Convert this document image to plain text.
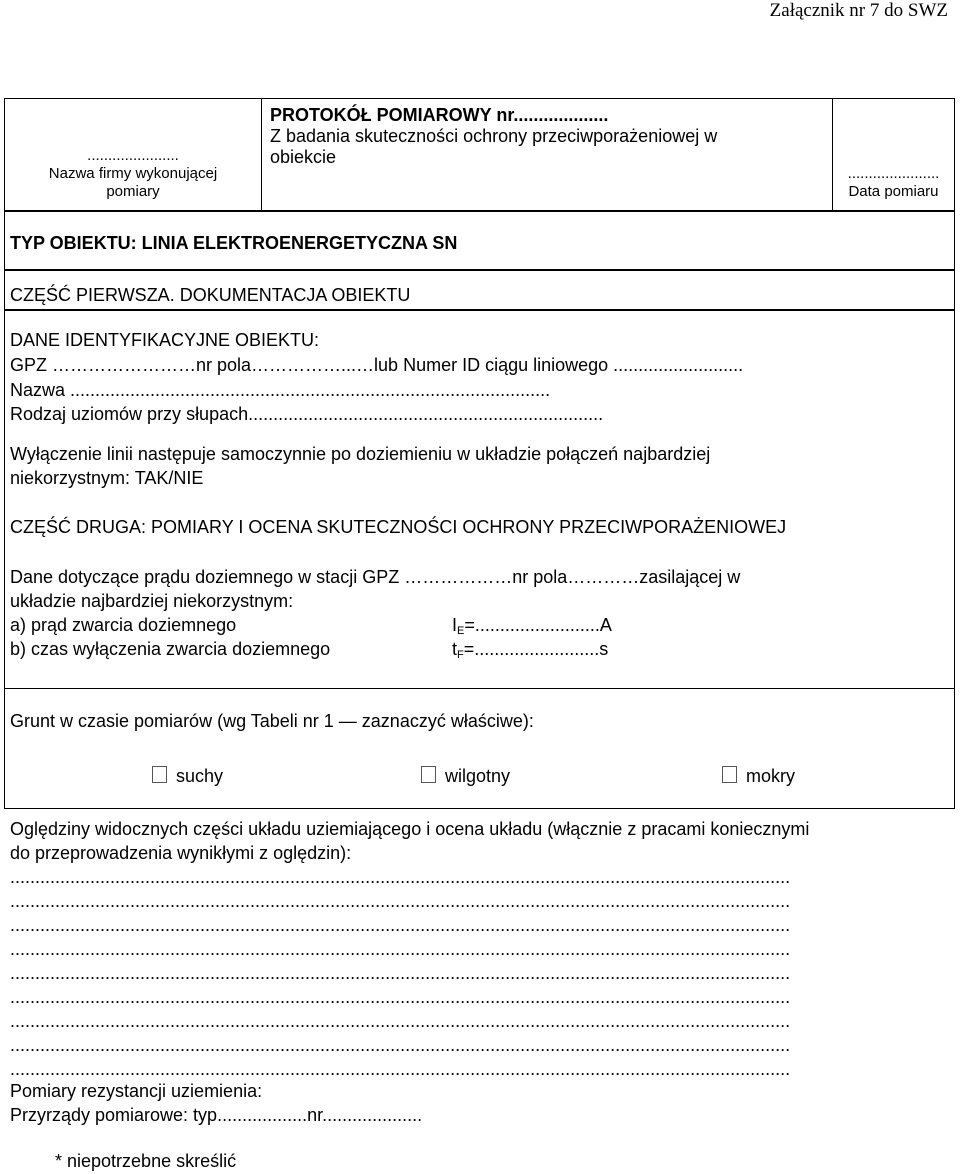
Załącznik nr 7 do SWZ
......................
Nazwa firmy wykonującej
pomiary
PROTOKÓŁ POMIAROWY nr...................
Z badania skuteczności ochrony przeciwporażeniowej w
obiekcie
......................
Data pomiaru
TYP OBIEKTU: LINIA ELEKTROENERGETYCZNA SN
CZĘŚĆ PIERWSZA. DOKUMENTACJA OBIEKTU
DANE IDENTYFIKACYJNE OBIEKTU:
GPZ ……………………nr pola……………...…lub Numer ID ciągu liniowego ..........................
Nazwa ................................................................................................
Rodzaj uziomów przy słupach.......................................................................
Wyłączenie linii następuje samoczynnie po doziemieniu w układzie połączeń najbardziej
niekorzystnym: TAK/NIE
CZĘŚĆ DRUGA: POMIARY I OCENA SKUTECZNOŚCI OCHRONY PRZECIWPORAŻENIOWEJ
Dane dotyczące prądu doziemnego w stacji GPZ ………………nr pola…………zasilającej w
układzie najbardziej niekorzystnym:
a) prąd zwarcia doziemnego	$I_E=.........................A$
b) czas wyłączenia zwarcia doziemnego	$t_F=.........................s$
Grunt w czasie pomiarów (wg Tabeli nr 1 — zaznaczyć właściwe):
suchy	wilgotny	mokry
Oględziny widocznych części układu uziemiającego i ocena układu (włącznie z pracami koniecznymi
do przeprowadzenia wynikłymi z oględzin):
............................................................................................................................................................
............................................................................................................................................................
............................................................................................................................................................
............................................................................................................................................................
............................................................................................................................................................
............................................................................................................................................................
............................................................................................................................................................
............................................................................................................................................................
............................................................................................................................................................
Pomiary rezystancji uziemienia:
Przyrządy pomiarowe: typ..................nr....................
* niepotrzebne skreślić
